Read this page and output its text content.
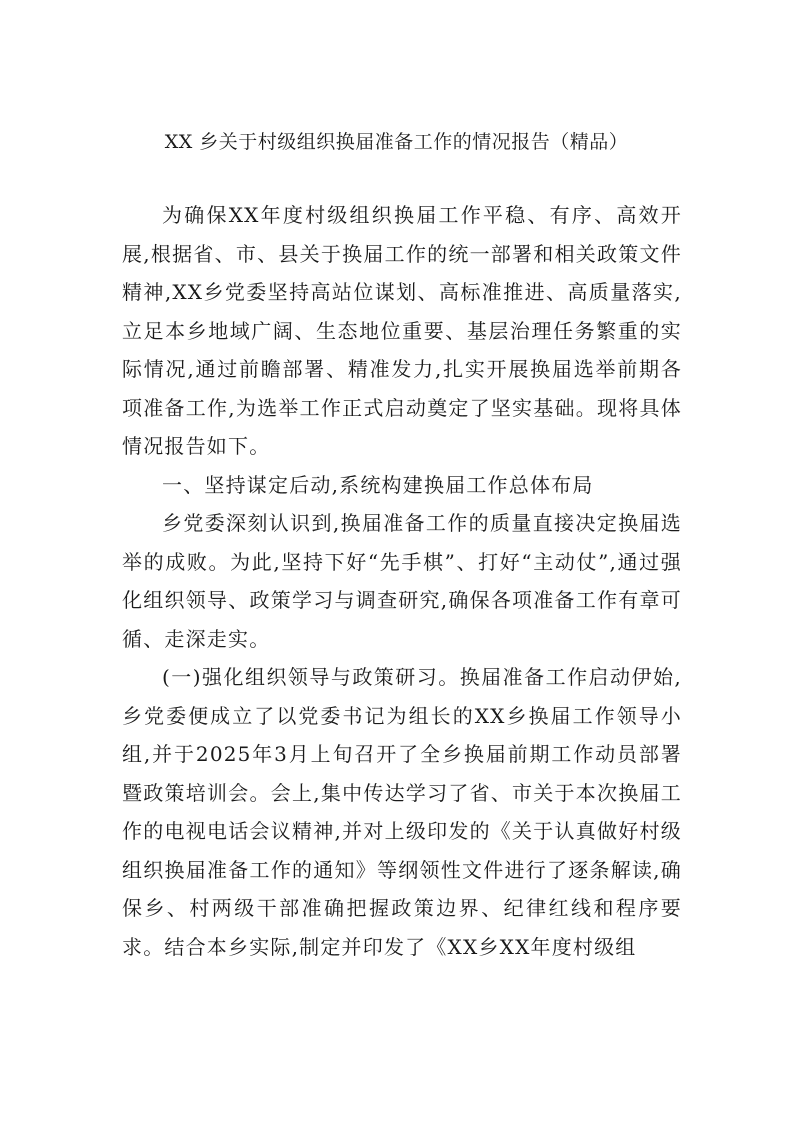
XX 乡关于村级组织换届准备工作的情况报告（精品）

为确保XX年度村级组织换届工作平稳、有序、高效开展,根据省、市、县关于换届工作的统一部署和相关政策文件精神,XX乡党委坚持高站位谋划、高标准推进、高质量落实,立足本乡地域广阔、生态地位重要、基层治理任务繁重的实际情况,通过前瞻部署、精准发力,扎实开展换届选举前期各项准备工作,为选举工作正式启动奠定了坚实基础。现将具体情况报告如下。

一、坚持谋定后动,系统构建换届工作总体布局

乡党委深刻认识到,换届准备工作的质量直接决定换届选举的成败。为此,坚持下好“先手棋”、打好“主动仗”,通过强化组织领导、政策学习与调查研究,确保各项准备工作有章可循、走深走实。

(一)强化组织领导与政策研习。换届准备工作启动伊始,乡党委便成立了以党委书记为组长的XX乡换届工作领导小组,并于2025年3月上旬召开了全乡换届前期工作动员部署暨政策培训会。会上,集中传达学习了省、市关于本次换届工作的电视电话会议精神,并对上级印发的《关于认真做好村级组织换届准备工作的通知》等纲领性文件进行了逐条解读,确保乡、村两级干部准确把握政策边界、纪律红线和程序要求。结合本乡实际,制定并印发了《XX乡XX年度村级组
